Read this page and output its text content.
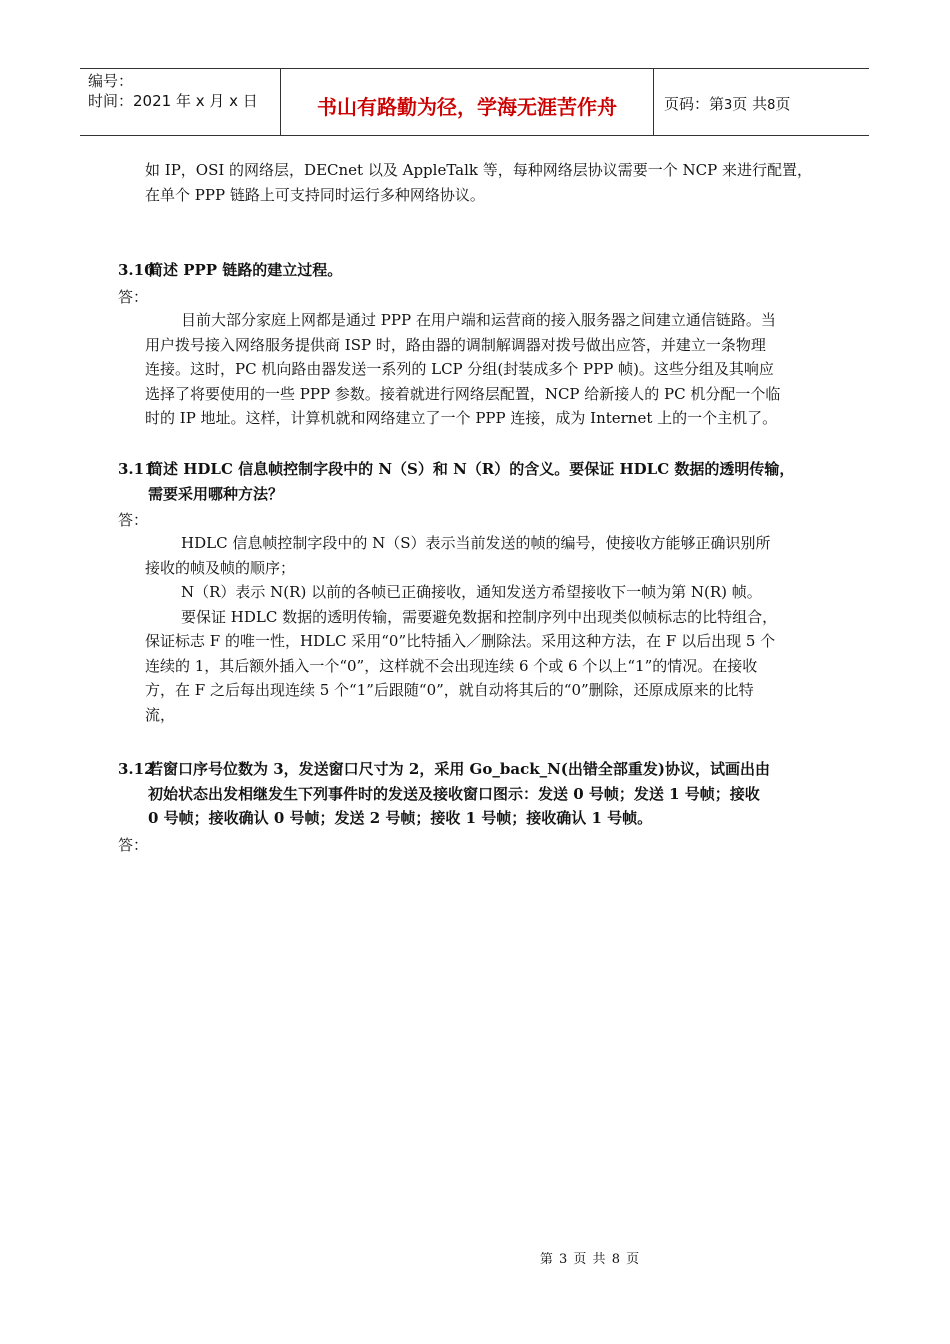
编号：
时间：2021 年 x 月 x 日	书山有路勤为径，学海无涯苦作舟	页码：第3页 共8页
如 IP，OSI 的网络层，DECnet 以及 AppleTalk 等，每种网络层协议需要一个 NCP 来进行配置，
在单个 PPP 链路上可支持同时运行多种网络协议。
3.10简述 PPP 链路的建立过程。
答：
目前大部分家庭上网都是通过 PPP 在用户端和运营商的接入服务器之间建立通信链路。当
用户拨号接入网络服务提供商 ISP 时，路由器的调制解调器对拨号做出应答，并建立一条物理
连接。这时，PC 机向路由器发送一系列的 LCP 分组(封装成多个 PPP 帧)。这些分组及其响应
选择了将要使用的一些 PPP 参数。接着就进行网络层配置，NCP 给新接人的 PC 机分配一个临
时的 IP 地址。这样，计算机就和网络建立了一个 PPP 连接，成为 Internet 上的一个主机了。
3.11简述 HDLC 信息帧控制字段中的 N（S）和 N（R）的含义。要保证 HDLC 数据的透明传输，
需要采用哪种方法？
答：
HDLC 信息帧控制字段中的 N（S）表示当前发送的帧的编号，使接收方能够正确识别所
接收的帧及帧的顺序；
N（R）表示 N(R) 以前的各帧已正确接收，通知发送方希望接收下一帧为第 N(R) 帧。
要保证 HDLC 数据的透明传输，需要避免数据和控制序列中出现类似帧标志的比特组合，
保证标志 F 的唯一性，HDLC 采用“0”比特插入／删除法。采用这种方法，在 F 以后出现 5 个
连续的 1，其后额外插入一个“0”，这样就不会出现连续 6 个或 6 个以上“1”的情况。在接收
方，在 F 之后每出现连续 5 个“1”后跟随“0”，就自动将其后的“0”删除，还原成原来的比特
流，
3.12若窗口序号位数为 3，发送窗口尺寸为 2，采用 Go_back_N(出错全部重发)协议，试画出由
初始状态出发相继发生下列事件时的发送及接收窗口图示：发送 0 号帧；发送 1 号帧；接收
0 号帧；接收确认 0 号帧；发送 2 号帧；接收 1 号帧；接收确认 1 号帧。
答：
第 3 页 共 8 页
